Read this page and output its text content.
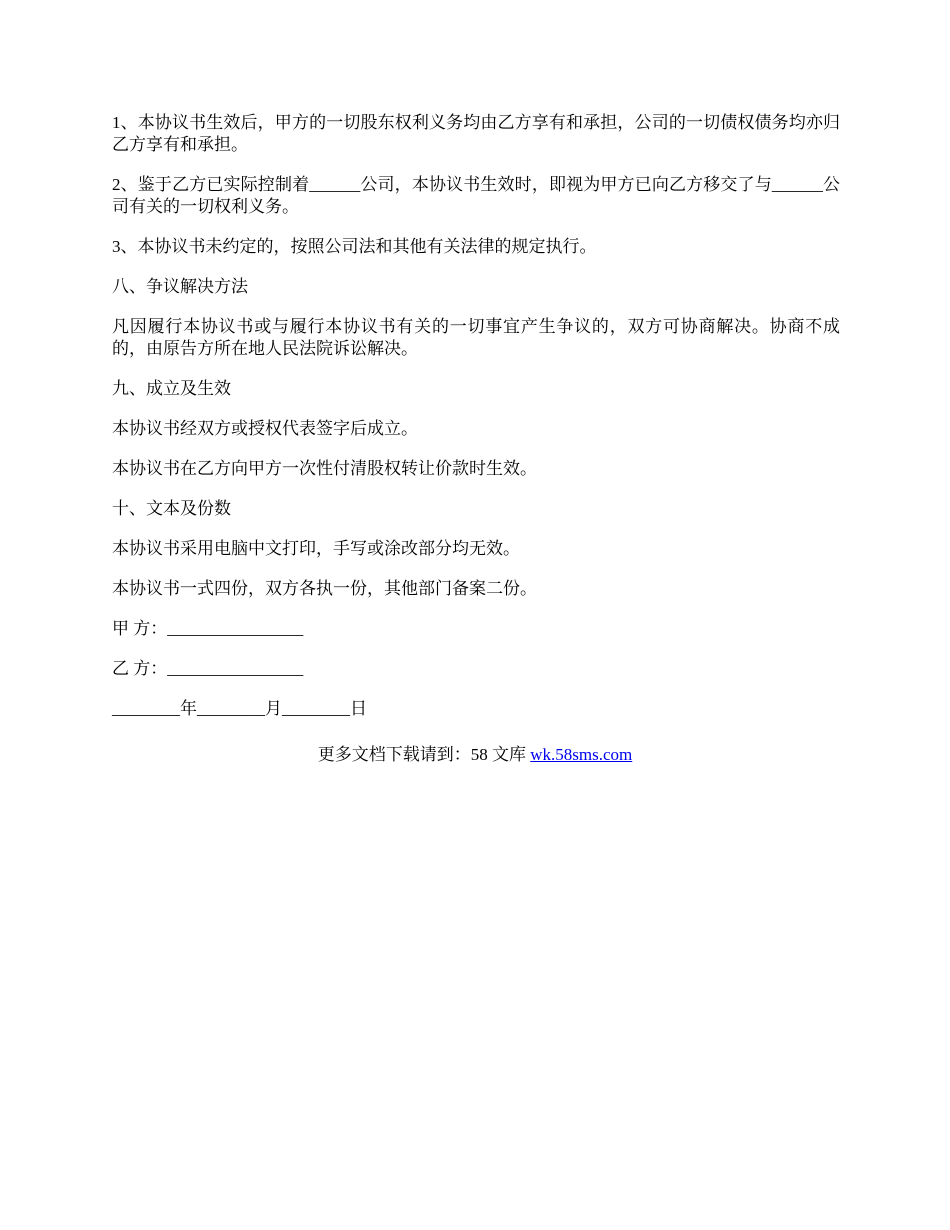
1、本协议书生效后，甲方的一切股东权利义务均由乙方享有和承担，公司的一切债权债务均亦归乙方享有和承担。

2、鉴于乙方已实际控制着______公司，本协议书生效时，即视为甲方已向乙方移交了与______公司有关的一切权利义务。

3、本协议书未约定的，按照公司法和其他有关法律的规定执行。

八、争议解决方法

凡因履行本协议书或与履行本协议书有关的一切事宜产生争议的，双方可协商解决。协商不成的，由原告方所在地人民法院诉讼解决。

九、成立及生效

本协议书经双方或授权代表签字后成立。

本协议书在乙方向甲方一次性付清股权转让价款时生效。

十、文本及份数

本协议书采用电脑中文打印，手写或涂改部分均无效。

本协议书一式四份，双方各执一份，其他部门备案二份。

甲 方：________________

乙 方：________________

________年________月________日

更多文档下载请到：58 文库 wk.58sms.com
